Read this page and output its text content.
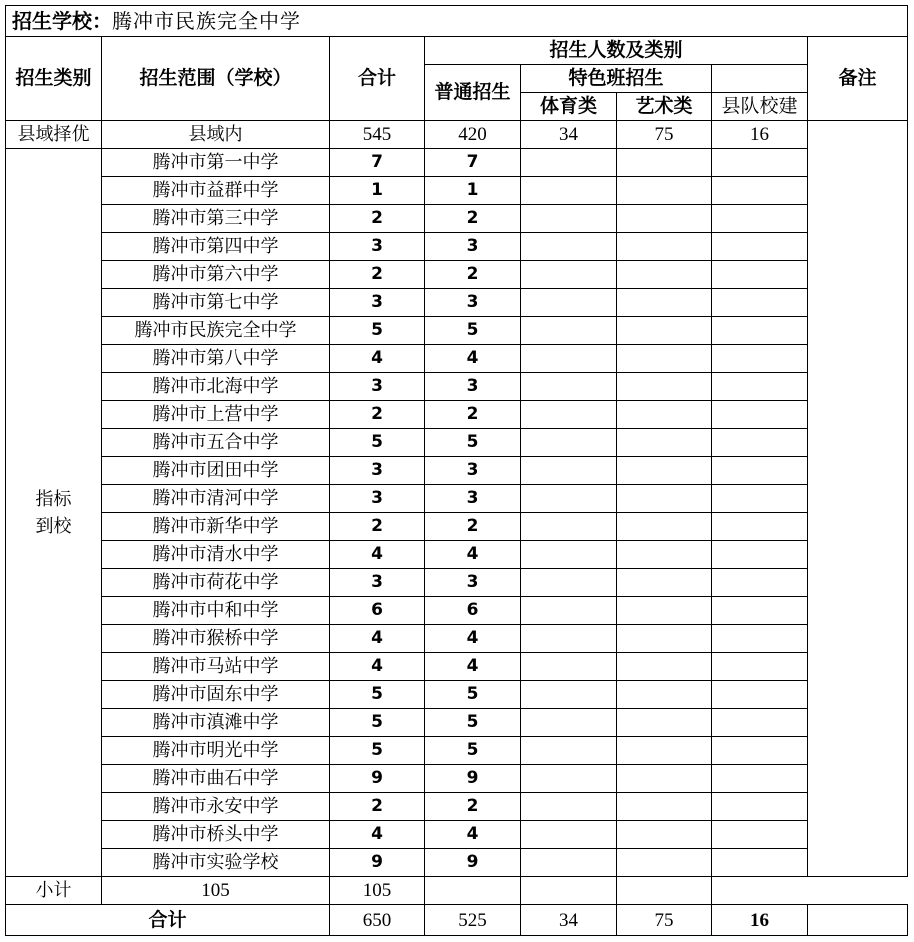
招生学校：腾冲市民族完全中学							
招生类别	招生范围（学校）	合计	招生人数及类别				备注
			普通招生	特色班招生			
				体育类	艺术类	县队校建	
县域择优	县域内	545	420	34	75	16	
指标
到校	腾冲市第一中学	7	7				
	腾冲市益群中学	1	1				
	腾冲市第三中学	2	2				
	腾冲市第四中学	3	3				
	腾冲市第六中学	2	2				
	腾冲市第七中学	3	3				
	腾冲市民族完全中学	5	5				
	腾冲市第八中学	4	4				
	腾冲市北海中学	3	3				
	腾冲市上营中学	2	2				
	腾冲市五合中学	5	5				
	腾冲市团田中学	3	3				
	腾冲市清河中学	3	3				
	腾冲市新华中学	2	2				
	腾冲市清水中学	4	4				
	腾冲市荷花中学	3	3				
	腾冲市中和中学	6	6				
	腾冲市猴桥中学	4	4				
	腾冲市马站中学	4	4				
	腾冲市固东中学	5	5				
	腾冲市滇滩中学	5	5				
	腾冲市明光中学	5	5				
	腾冲市曲石中学	9	9				
	腾冲市永安中学	2	2				
	腾冲市桥头中学	4	4				
	腾冲市实验学校	9	9				
小计	105	105					
合计		650	525	34	75	16	
